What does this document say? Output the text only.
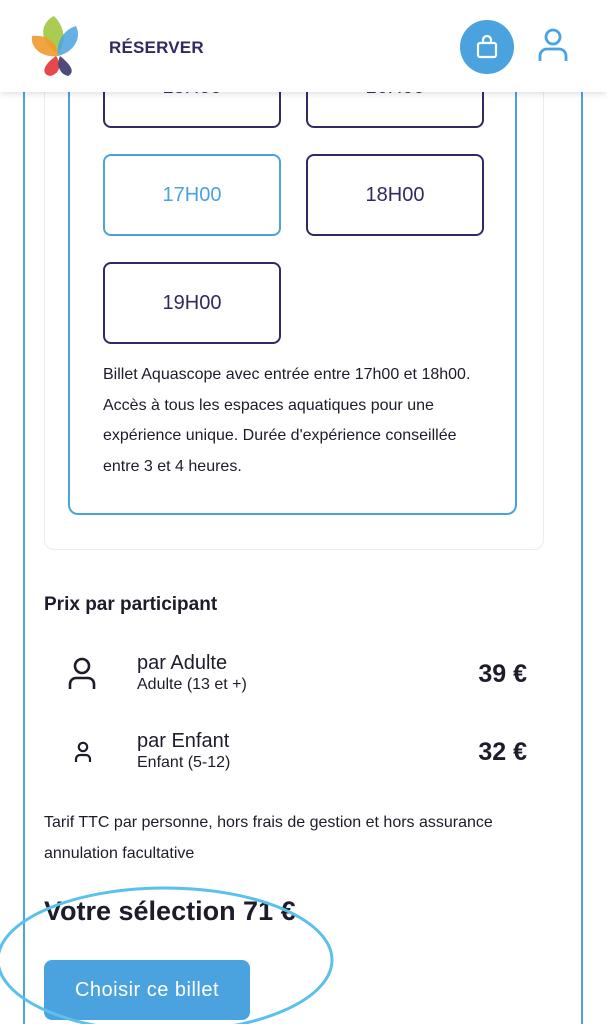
17H00	18H00
19H00
Billet Aquascope avec entrée entre 17h00 et 18h00. Accès à tous les espaces aquatiques pour une expérience unique. Durée d'expérience conseillée entre 3 et 4 heures.
RÉSERVER
Prix par participant
par Adulte
Adulte (13 et +)	39 €
par Enfant
Enfant (5-12)	32 €
Tarif TTC par personne, hors frais de gestion et hors assurance annulation facultative
Votre sélection 71 €
Choisir ce billet
